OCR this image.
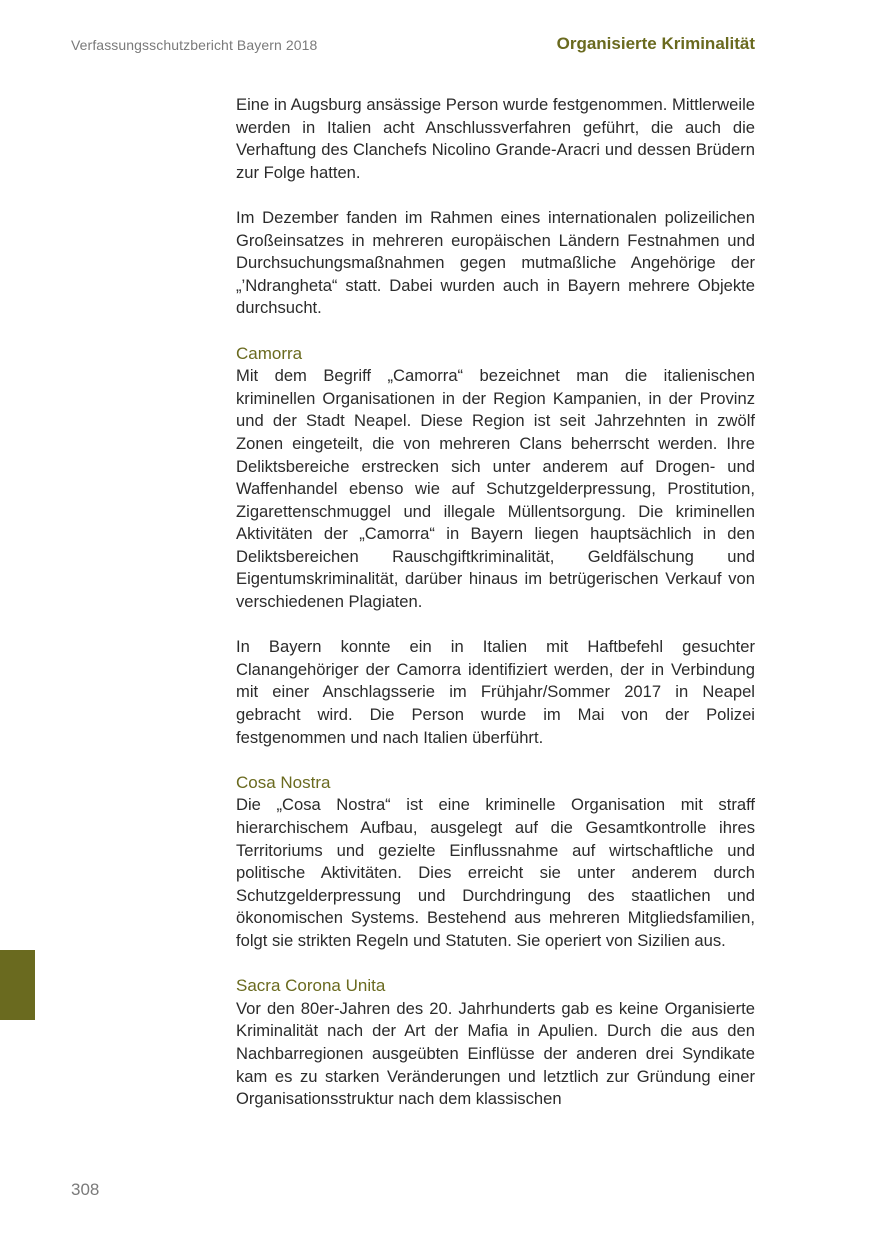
Verfassungsschutzbericht Bayern 2018	Organisierte Kriminalität

Eine in Augsburg ansässige Person wurde festgenommen. Mittlerweile werden in Italien acht Anschlussverfahren geführt, die auch die Verhaftung des Clanchefs Nicolino Grande-Aracri und dessen Brüdern zur Folge hatten.

Im Dezember fanden im Rahmen eines internationalen polizeilichen Großeinsatzes in mehreren europäischen Ländern Festnahmen und Durchsuchungsmaßnahmen gegen mutmaßliche Angehörige der „’Ndrangheta“ statt. Dabei wurden auch in Bayern mehrere Objekte durchsucht.

Camorra

Mit dem Begriff „Camorra“ bezeichnet man die italienischen kriminellen Organisationen in der Region Kampanien, in der Provinz und der Stadt Neapel. Diese Region ist seit Jahrzehnten in zwölf Zonen eingeteilt, die von mehreren Clans beherrscht werden. Ihre Deliktsbereiche erstrecken sich unter anderem auf Drogen- und Waffenhandel ebenso wie auf Schutzgelderpressung, Prostitution, Zigarettenschmuggel und illegale Müllentsorgung. Die kriminellen Aktivitäten der „Camorra“ in Bayern liegen hauptsächlich in den Deliktsbereichen Rauschgiftkriminalität, Geldfälschung und Eigentumskriminalität, darüber hinaus im betrügerischen Verkauf von verschiedenen Plagiaten.

In Bayern konnte ein in Italien mit Haftbefehl gesuchter Clanangehöriger der Camorra identifiziert werden, der in Verbindung mit einer Anschlagsserie im Frühjahr/Sommer 2017 in Neapel gebracht wird. Die Person wurde im Mai von der Polizei festgenommen und nach Italien überführt.

Cosa Nostra

Die „Cosa Nostra“ ist eine kriminelle Organisation mit straff hierarchischem Aufbau, ausgelegt auf die Gesamtkontrolle ihres Territoriums und gezielte Einflussnahme auf wirtschaftliche und politische Aktivitäten. Dies erreicht sie unter anderem durch Schutzgelderpressung und Durchdringung des staatlichen und ökonomischen Systems. Bestehend aus mehreren Mitgliedsfamilien, folgt sie strikten Regeln und Statuten. Sie operiert von Sizilien aus.

Sacra Corona Unita

Vor den 80er-Jahren des 20. Jahrhunderts gab es keine Organisierte Kriminalität nach der Art der Mafia in Apulien. Durch die aus den Nachbarregionen ausgeübten Einflüsse der anderen drei Syndikate kam es zu starken Veränderungen und letztlich zur Gründung einer Organisationsstruktur nach dem klassischen

308
